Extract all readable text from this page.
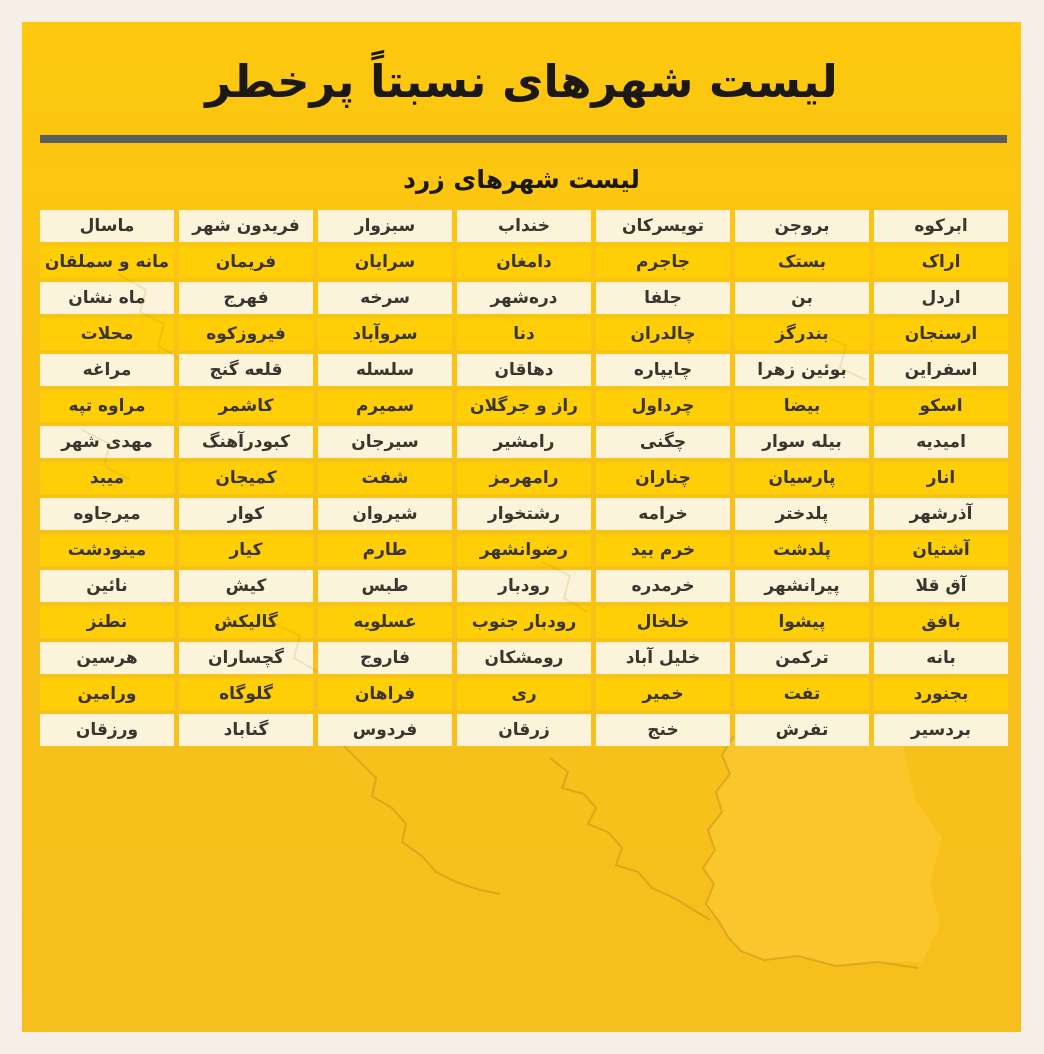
لیست شهرهای نسبتاً پرخطر
لیست شهرهای زرد
ابرکوه
بروجن
تویسرکان
خنداب
سبزوار
فریدون شهر
ماسال
اراک
بستک
جاجرم
دامغان
سرایان
فریمان
مانه و سملقان
اردل
بن
جلفا
دره‌شهر
سرخه
فهرج
ماه نشان
ارسنجان
بندرگز
چالدران
دنا
سروآباد
فیروزکوه
محلات
اسفراین
بوئین زهرا
چایپاره
دهاقان
سلسله
قلعه گنج
مراغه
اسکو
بیضا
چرداول
راز و جرگلان
سمیرم
کاشمر
مراوه تپه
امیدیه
بیله سوار
چگنی
رامشیر
سیرجان
کبودرآهنگ
مهدی شهر
انار
پارسیان
چناران
رامهرمز
شفت
کمیجان
میبد
آذرشهر
پلدختر
خرامه
رشتخوار
شیروان
کوار
میرجاوه
آشتیان
پلدشت
خرم بید
رضوانشهر
طارم
کیار
مینودشت
آق قلا
پیرانشهر
خرمدره
رودبار
طبس
کیش
نائین
بافق
پیشوا
خلخال
رودبار جنوب
عسلویه
گالیکش
نطنز
بانه
ترکمن
خلیل آباد
رومشکان
فاروج
گچساران
هرسین
بجنورد
تفت
خمیر
ری
فراهان
گلوگاه
ورامین
بردسیر
تفرش
خنج
زرقان
فردوس
گناباد
ورزقان
